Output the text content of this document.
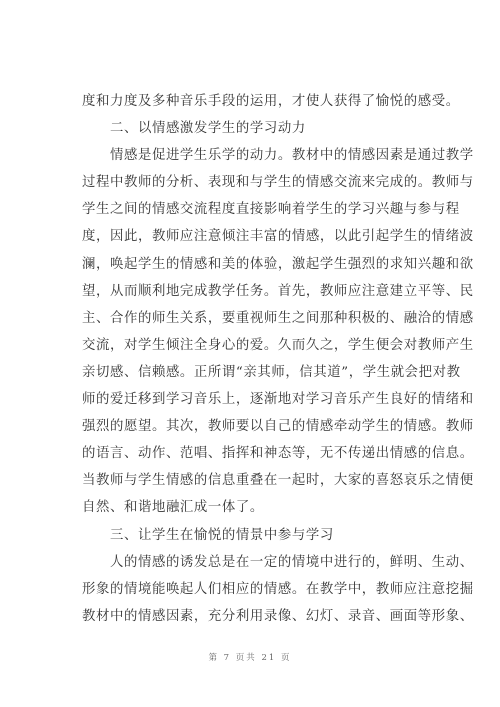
度和力度及多种音乐手段的运用，才使人获得了愉悦的感受。
　　二、以情感激发学生的学习动力
　　情感是促进学生乐学的动力。教材中的情感因素是通过教学
过程中教师的分析、表现和与学生的情感交流来完成的。教师与
学生之间的情感交流程度直接影响着学生的学习兴趣与参与程
度，因此，教师应注意倾注丰富的情感，以此引起学生的情绪波
澜，唤起学生的情感和美的体验，激起学生强烈的求知兴趣和欲
望，从而顺利地完成教学任务。首先，教师应注意建立平等、民
主、合作的师生关系，要重视师生之间那种积极的、融洽的情感
交流，对学生倾注全身心的爱。久而久之，学生便会对教师产生
亲切感、信赖感。正所谓“亲其师，信其道”，学生就会把对教
师的爱迁移到学习音乐上，逐渐地对学习音乐产生良好的情绪和
强烈的愿望。其次，教师要以自己的情感牵动学生的情感。教师
的语言、动作、范唱、指挥和神态等，无不传递出情感的信息。
当教师与学生情感的信息重叠在一起时，大家的喜怒哀乐之情便
自然、和谐地融汇成一体了。
　　三、让学生在愉悦的情景中参与学习
　　人的情感的诱发总是在一定的情境中进行的，鲜明、生动、
形象的情境能唤起人们相应的情感。在教学中，教师应注意挖掘
教材中的情感因素，充分利用录像、幻灯、录音、画面等形象、
第 7 页共 21 页
